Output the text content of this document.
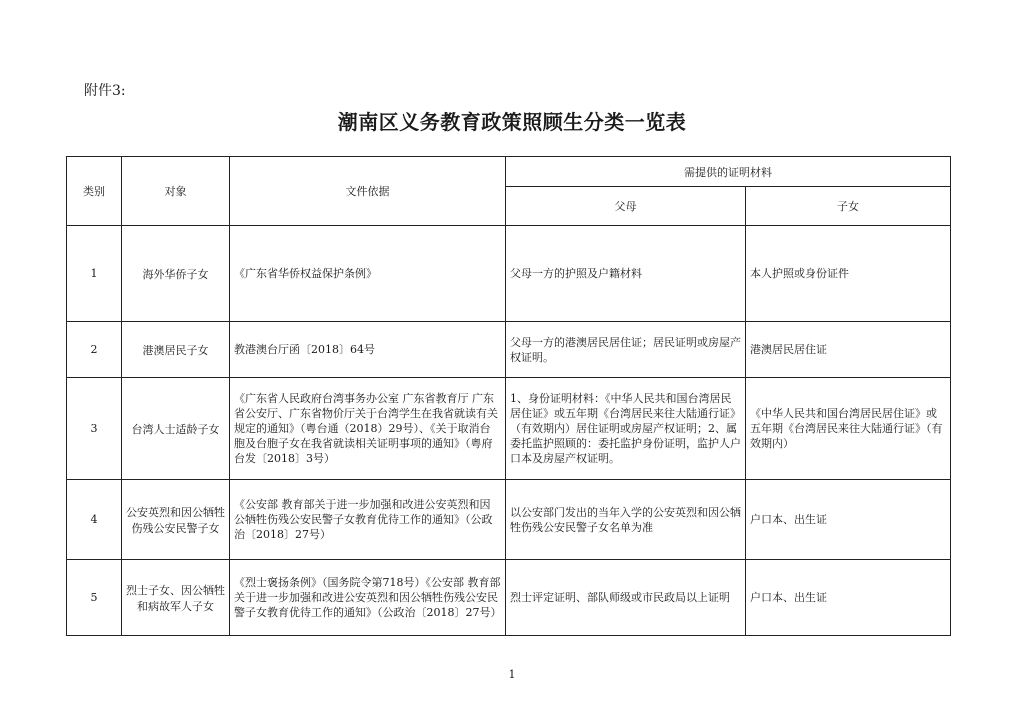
附件3:
潮南区义务教育政策照顾生分类一览表
类别	对象	文件依据	需提供的证明材料	
			父母	子女
1	海外华侨子女	《广东省华侨权益保护条例》	父母一方的护照及户籍材料	本人护照或身份证件
2	港澳居民子女	教港澳台厅函〔2018〕64号	父母一方的港澳居民居住证；居民证明或房屋产权证明。	港澳居民居住证
3	台湾人士适龄子女	《广东省人民政府台湾事务办公室 广东省教育厅 广东省公安厅、广东省物价厅关于台湾学生在我省就读有关规定的通知》（粤台通（2018）29号）、《关于取消台胞及台胞子女在我省就读相关证明事项的通知》（粤府台发〔2018〕3号）	1、身份证明材料：《中华人民共和国台湾居民居住证》或五年期《台湾居民来往大陆通行证》（有效期内）居住证明或房屋产权证明；2、属委托监护照顾的：委托监护身份证明，监护人户口本及房屋产权证明。	《中华人民共和国台湾居民居住证》或五年期《台湾居民来往大陆通行证》（有效期内）
4	公安英烈和因公牺牲伤残公安民警子女	《公安部 教育部关于进一步加强和改进公安英烈和因公牺牲伤残公安民警子女教育优待工作的通知》（公政治〔2018〕27号）	以公安部门发出的当年入学的公安英烈和因公牺牲伤残公安民警子女名单为准	户口本、出生证
5	烈士子女、因公牺牲和病故军人子女	《烈士褒扬条例》（国务院令第718号）《公安部 教育部关于进一步加强和改进公安英烈和因公牺牲伤残公安民警子女教育优待工作的通知》（公政治〔2018〕27号）	烈士评定证明、部队师级或市民政局以上证明	户口本、出生证
1
